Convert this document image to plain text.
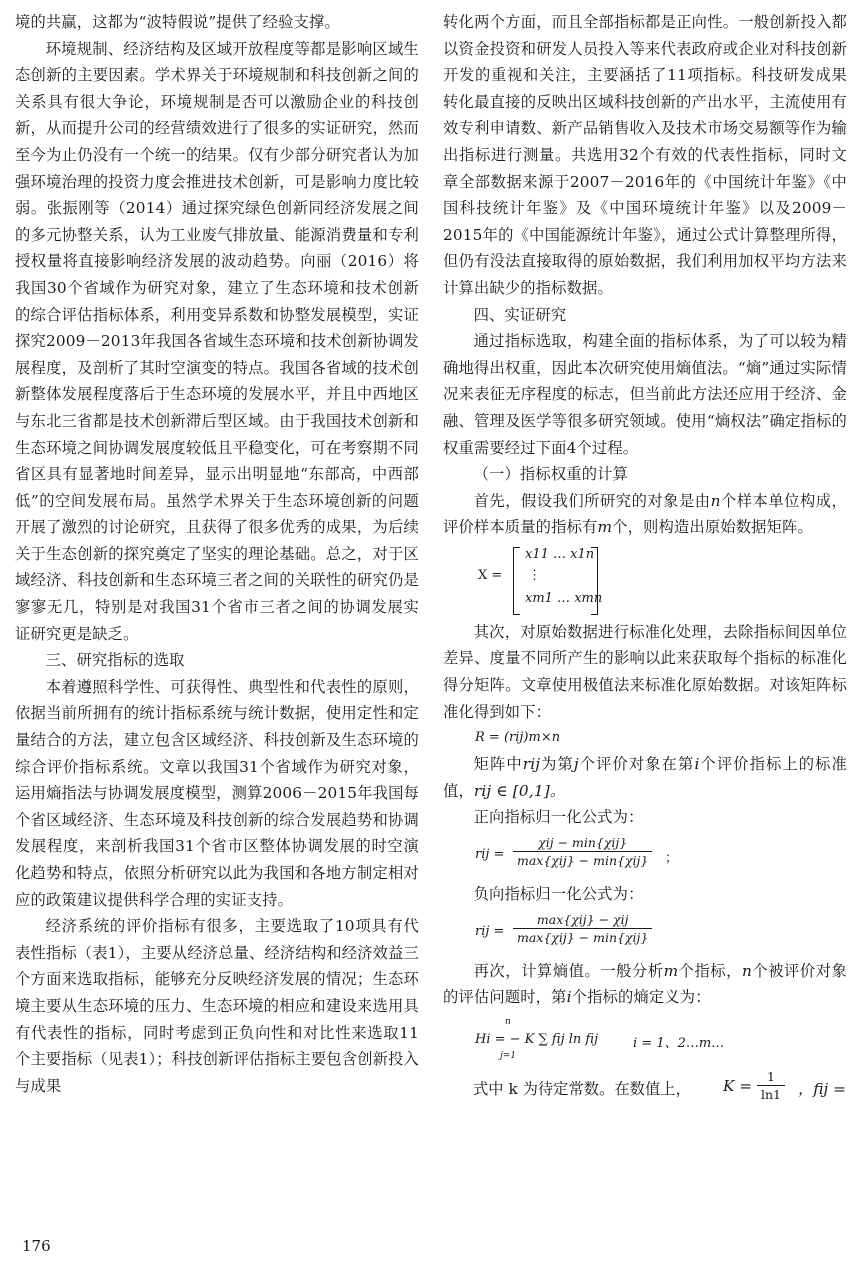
境的共赢，这都为“波特假说”提供了经验支撑。

环境规制、经济结构及区域开放程度等都是影响区域生态创新的主要因素。学术界关于环境规制和科技创新之间的关系具有很大争论，环境规制是否可以激励企业的科技创新，从而提升公司的经营绩效进行了很多的实证研究，然而至今为止仍没有一个统一的结果。仅有少部分研究者认为加强环境治理的投资力度会推进技术创新，可是影响力度比较弱。张振刚等（2014）通过探究绿色创新同经济发展之间的多元协整关系，认为工业废气排放量、能源消费量和专利授权量将直接影响经济发展的波动趋势。向丽（2016）将我国30个省域作为研究对象，建立了生态环境和技术创新的综合评估指标体系，利用变异系数和协整发展模型，实证探究2009－2013年我国各省域生态环境和技术创新协调发展程度，及剖析了其时空演变的特点。我国各省域的技术创新整体发展程度落后于生态环境的发展水平，并且中西地区与东北三省都是技术创新滞后型区域。由于我国技术创新和生态环境之间协调发展度较低且平稳变化，可在考察期不同省区具有显著地时间差异，显示出明显地“东部高，中西部低”的空间发展布局。虽然学术界关于生态环境创新的问题开展了激烈的讨论研究，且获得了很多优秀的成果，为后续关于生态创新的探究奠定了坚实的理论基础。总之，对于区域经济、科技创新和生态环境三者之间的关联性的研究仍是寥寥无几，特别是对我国31个省市三者之间的协调发展实证研究更是缺乏。

三、研究指标的选取

本着遵照科学性、可获得性、典型性和代表性的原则，依据当前所拥有的统计指标系统与统计数据，使用定性和定量结合的方法，建立包含区域经济、科技创新及生态环境的综合评价指标系统。文章以我国31个省域作为研究对象，运用熵指法与协调发展度模型，测算2006－2015年我国每个省区域经济、生态环境及科技创新的综合发展趋势和协调发展程度，来剖析我国31个省市区整体协调发展的时空演化趋势和特点，依照分析研究以此为我国和各地方制定相对应的政策建议提供科学合理的实证支持。

经济系统的评价指标有很多，主要选取了10项具有代表性指标（表1），主要从经济总量、经济结构和经济效益三个方面来选取指标，能够充分反映经济发展的情况；生态环境主要从生态环境的压力、生态环境的相应和建设来选用具有代表性的指标，同时考虑到正负向性和对比性来选取11个主要指标（见表1）；科技创新评估指标主要包含创新投入与成果

转化两个方面，而且全部指标都是正向性。一般创新投入都以资金投资和研发人员投入等来代表政府或企业对科技创新开发的重视和关注，主要涵括了11项指标。科技研发成果转化最直接的反映出区域科技创新的产出水平，主流使用有效专利申请数、新产品销售收入及技术市场交易额等作为输出指标进行测量。共选用32个有效的代表性指标，同时文章全部数据来源于2007－2016年的《中国统计年鉴》《中国科技统计年鉴》及《中国环境统计年鉴》以及2009－2015年的《中国能源统计年鉴》，通过公式计算整理所得，但仍有没法直接取得的原始数据，我们利用加权平均方法来计算出缺少的指标数据。

四、实证研究

通过指标选取，构建全面的指标体系，为了可以较为精确地得出权重，因此本次研究使用熵值法。“熵”通过实际情况来表征无序程度的标志，但当前此方法还应用于经济、金融、管理及医学等很多研究领域。使用“熵权法”确定指标的权重需要经过下面4个过程。

（一）指标权重的计算

首先，假设我们所研究的对象是由n个样本单位构成，评价样本质量的指标有m个，则构造出原始数据矩阵。

X =
x11 … x1n
⋮
xm1 … xmn

其次，对原始数据进行标准化处理，去除指标间因单位差异、度量不同所产生的影响以此来获取每个指标的标准化得分矩阵。文章使用极值法来标准化原始数据。对该矩阵标准化得到如下：

R = (rij)m×n

矩阵中rij为第j个评价对象在第i个评价指标上的标准值，rij ∈ [0,1]。

正向指标归一化公式为：

rij =
χij − min{χij}
max{χij} − min{χij}	；

负向指标归一化公式为：

rij =
max{χij} − χij
max{χij} − min{χij}

再次，计算熵值。一般分析m个指标，n个被评价对象的评估问题时，第i个指标的熵定义为：

n
Hi = − K ∑ fij ln fij
j=1
i = 1、2…m…
式中 k 为待定常数。在数值上， $K = \frac{1}{\ln 1}$ ，fij =
176
